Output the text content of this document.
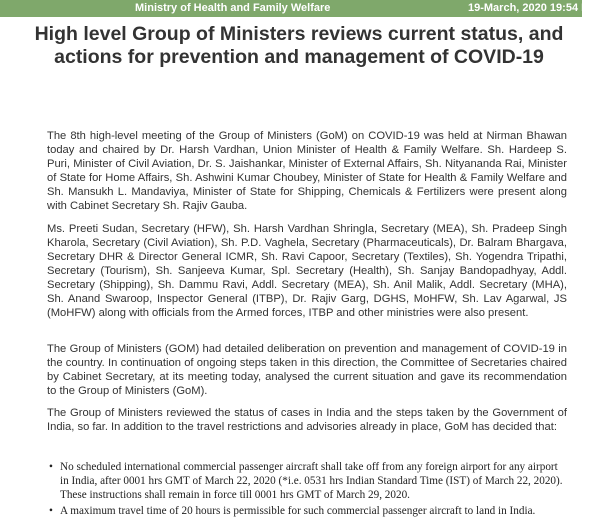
Ministry of Health and Family Welfare	19-March, 2020 19:54 IST
High level Group of Ministers reviews current status, and actions for prevention and management of COVID-19

The 8th high-level meeting of the Group of Ministers (GoM) on COVID-19 was held at Nirman Bhawan today and chaired by Dr. Harsh Vardhan, Union Minister of Health & Family Welfare. Sh. Hardeep S. Puri, Minister of Civil Aviation, Dr. S. Jaishankar, Minister of External Affairs, Sh. Nityananda Rai, Minister of State for Home Affairs, Sh. Ashwini Kumar Choubey, Minister of State for Health & Family Welfare and Sh. Mansukh L. Mandaviya, Minister of State for Shipping, Chemicals & Fertilizers were present along with Cabinet Secretary Sh. Rajiv Gauba.

Ms. Preeti Sudan, Secretary (HFW), Sh. Harsh Vardhan Shringla, Secretary (MEA), Sh. Pradeep Singh Kharola, Secretary (Civil Aviation), Sh. P.D. Vaghela, Secretary (Pharmaceuticals), Dr. Balram Bhargava, Secretary DHR & Director General ICMR, Sh. Ravi Capoor, Secretary (Textiles), Sh. Yogendra Tripathi, Secretary (Tourism), Sh. Sanjeeva Kumar, Spl. Secretary (Health), Sh. Sanjay Bandopadhyay, Addl. Secretary (Shipping), Sh. Dammu Ravi, Addl. Secretary (MEA), Sh. Anil Malik, Addl. Secretary (MHA), Sh. Anand Swaroop, Inspector General (ITBP), Dr. Rajiv Garg, DGHS, MoHFW, Sh. Lav Agarwal, JS (MoHFW) along with officials from the Armed forces, ITBP and other ministries were also present.

The Group of Ministers (GOM) had detailed deliberation on prevention and management of COVID-19 in the country. In continuation of ongoing steps taken in this direction, the Committee of Secretaries chaired by Cabinet Secretary, at its meeting today, analysed the current situation and gave its recommendation to the Group of Ministers (GoM).

The Group of Ministers reviewed the status of cases in India and the steps taken by the Government of India, so far. In addition to the travel restrictions and advisories already in place, GoM has decided that:

• No scheduled international commercial passenger aircraft shall take off from any foreign airport for any airport in India, after 0001 hrs GMT of March 22, 2020 (*i.e. 0531 hrs Indian Standard Time (IST) of March 22, 2020). These instructions shall remain in force till 0001 hrs GMT of March 29, 2020.
• A maximum travel time of 20 hours is permissible for such commercial passenger aircraft to land in India.
